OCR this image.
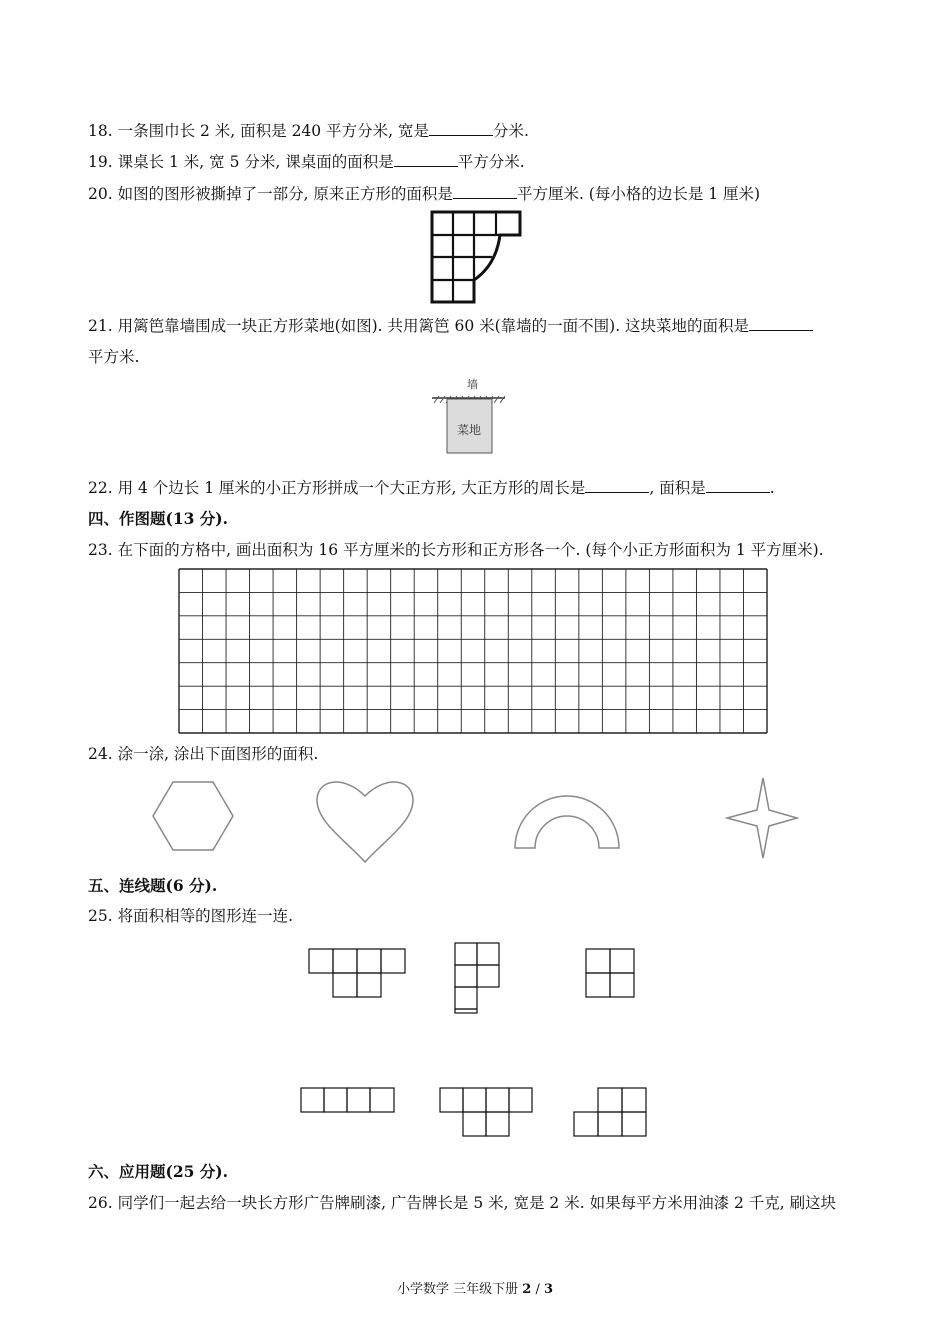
18. 一条围巾长 2 米, 面积是 240 平方分米, 宽是	分米.
19. 课桌长 1 米, 宽 5 分米, 课桌面的面积是	平方分米.
20. 如图的图形被撕掉了一部分, 原来正方形的面积是	平方厘米. (每小格的边长是 1 厘米)
21. 用篱笆靠墙围成一块正方形菜地(如图). 共用篱笆 60 米(靠墙的一面不围). 这块菜地的面积是
平方米.
墙
菜地
22. 用 4 个边长 1 厘米的小正方形拼成一个大正方形, 大正方形的周长是	, 面积是	.
四、作图题(13 分).
23. 在下面的方格中, 画出面积为 16 平方厘米的长方形和正方形各一个. (每个小正方形面积为 1 平方厘米).
24. 涂一涂, 涂出下面图形的面积.
五、连线题(6 分).
25. 将面积相等的图形连一连.
六、应用题(25 分).
26. 同学们一起去给一块长方形广告牌刷漆, 广告牌长是 5 米, 宽是 2 米. 如果每平方米用油漆 2 千克, 刷这块
小学数学 三年级下册 2 / 3
